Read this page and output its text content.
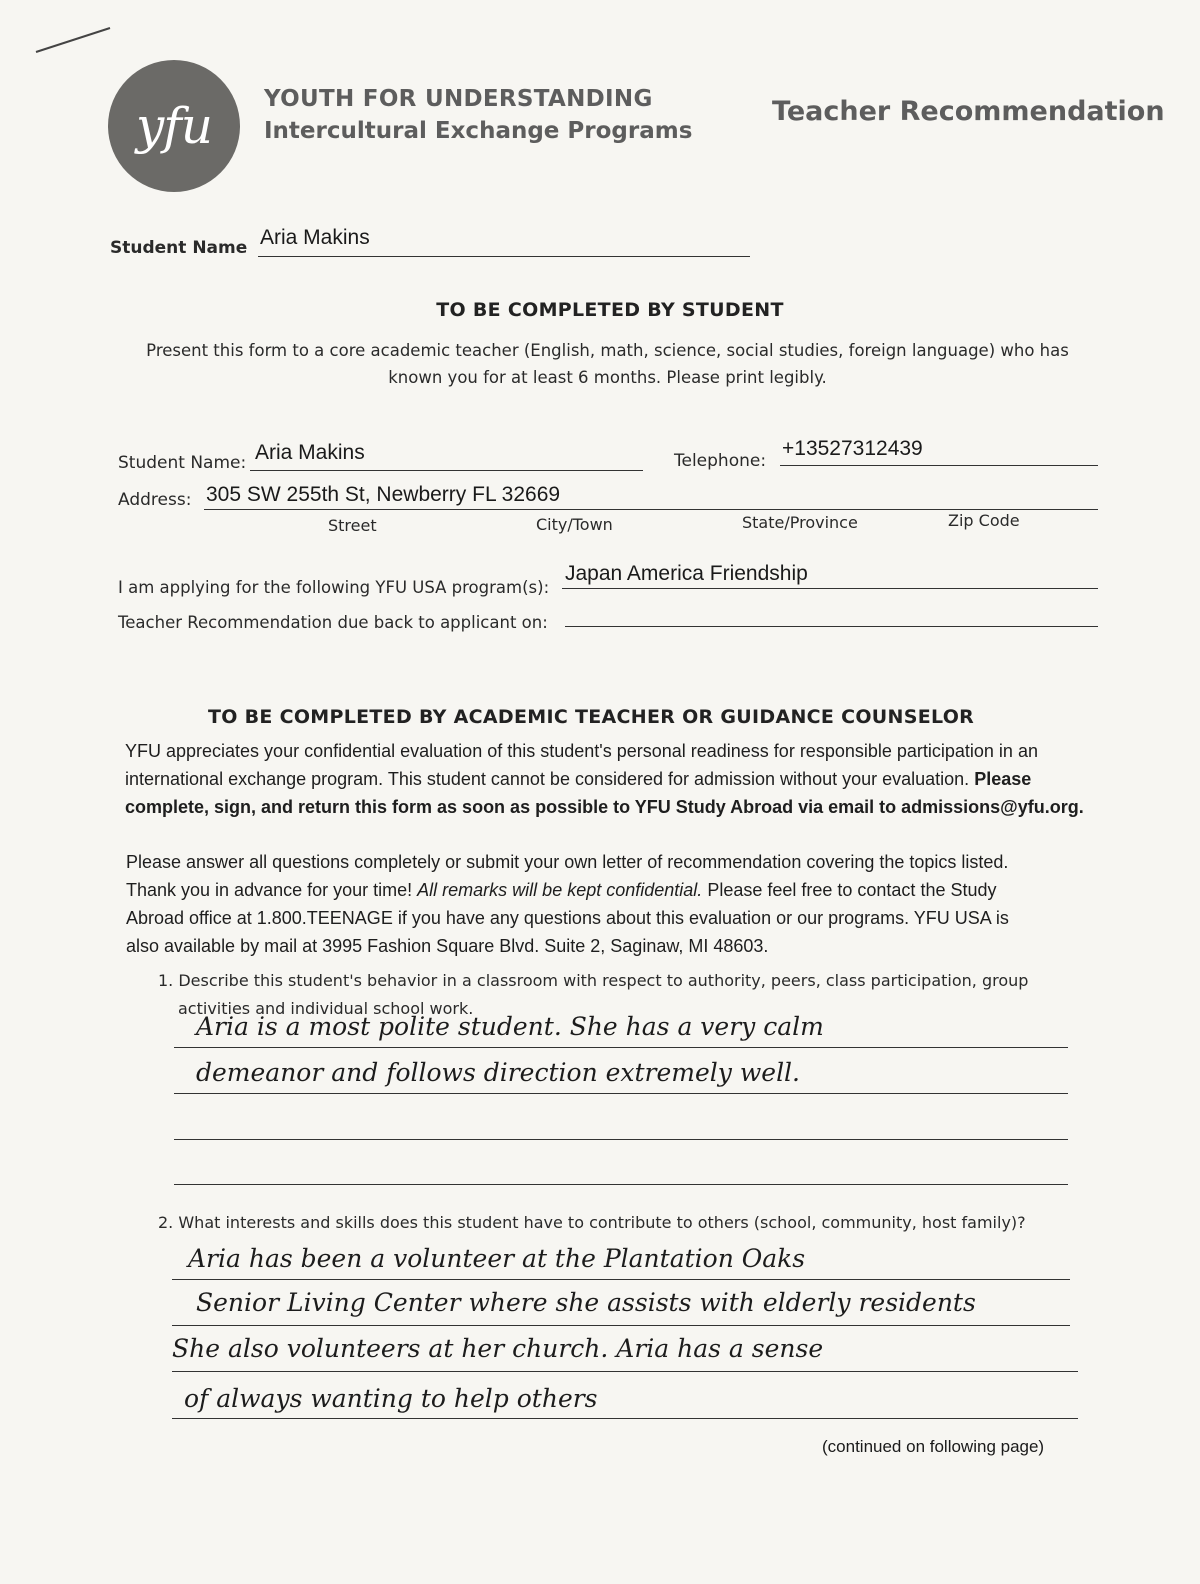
yfu YOUTH FOR UNDERSTANDING
Intercultural Exchange Programs
Teacher Recommendation
Student Name Aria Makins
TO BE COMPLETED BY STUDENT
Present this form to a core academic teacher (English, math, science, social studies, foreign language) who has
known you for at least 6 months. Please print legibly.
Student Name: Aria Makins	Telephone:
+13527312439
Address: 305 SW 255th St, Newberry FL 32669
Street	City/Town	State/Province	Zip Code
I am applying for the following YFU USA program(s):
Japan America Friendship
Teacher Recommendation due back to applicant on:
TO BE COMPLETED BY ACADEMIC TEACHER OR GUIDANCE COUNSELOR
YFU appreciates your confidential evaluation of this student's personal readiness for responsible participation in an
international exchange program. This student cannot be considered for admission without your evaluation. Please
complete, sign, and return this form as soon as possible to YFU Study Abroad via email to admissions@yfu.org.
Please answer all questions completely or submit your own letter of recommendation covering the topics listed.
Thank you in advance for your time! All remarks will be kept confidential. Please feel free to contact the Study
Abroad office at 1.800.TEENAGE if you have any questions about this evaluation or our programs. YFU USA is
also available by mail at 3995 Fashion Square Blvd. Suite 2, Saginaw, MI 48603.
1. Describe this student's behavior in a classroom with respect to authority, peers, class participation, group
activities and individual school work.
Aria is a most polite student. She has a very calm
demeanor and follows direction extremely well.
2. What interests and skills does this student have to contribute to others (school, community, host family)?
Aria has been a volunteer at the Plantation Oaks
Senior Living Center where she assists with elderly residents
She also volunteers at her church. Aria has a sense
of always wanting to help others
(continued on following page)
